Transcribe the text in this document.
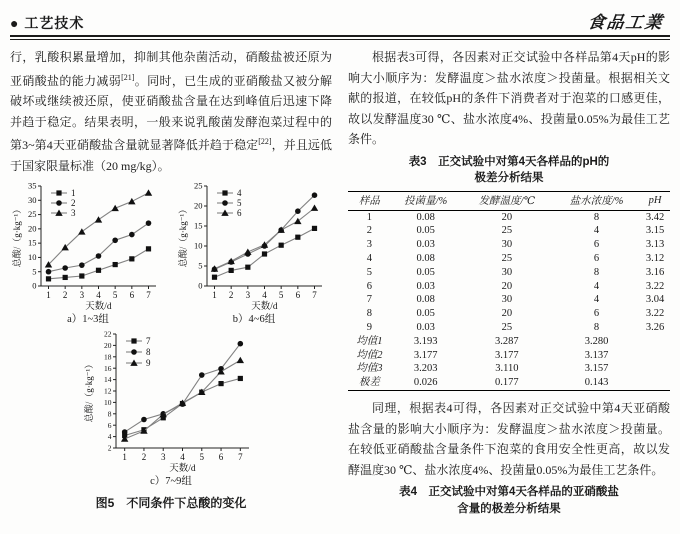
● 工艺技术	食品工業

行，乳酸积累量增加，抑制其他杂菌活动，硝酸盐被还原为亚硝酸盐的能力减弱[21]。同时，已生成的亚硝酸盐又被分解破坏或继续被还原，使亚硝酸盐含量在达到峰值后迅速下降并趋于稳定。结果表明，一般来说乳酸菌发酵泡菜过程中的第3~第4天亚硝酸盐含量就显著降低并趋于稳定[22]，并且远低于国家限量标准（20 mg/kg）。

0
5
10
15
20
25
30
35
1 2 3 4 5 6 7
天数/d
总酸/（g·kg⁻¹）
1
2
3
a）1~3组
0
5
10
15
20
25
1 2 3 4 5 6 7
天数/d
总酸/（g·kg⁻¹）
4
5
6
b）4~6组
2
4
6
8
10
12
14
16
18
20
22
1 2 3 4 5 6 7
天数/d
总酸/（g·kg⁻¹）
7
8
9
c）7~9组
图5　不同条件下总酸的变化

根据表3可得，各因素对正交试验中各样品第4天pH的影响大小顺序为：发酵温度＞盐水浓度＞投菌量。根据相关文献的报道，在较低pH的条件下消费者对于泡菜的口感更佳，故以发酵温度30 ℃、盐水浓度4%、投菌量0.05%为最佳工艺条件。

表3　正交试验中对第4天各样品的pH的
极差分析结果
样品	投菌量/%	发酵温度/℃	盐水浓度/%	pH
1	0.08	20	8	3.42
2	0.05	25	4	3.15
3	0.03	30	6	3.13
4	0.08	25	6	3.12
5	0.05	30	8	3.16
6	0.03	20	4	3.22
7	0.08	30	4	3.04
8	0.05	20	6	3.22
9	0.03	25	8	3.26
均值1	3.193	3.287	3.280	
均值2	3.177	3.177	3.137	
均值3	3.203	3.110	3.157	
极差	0.026	0.177	0.143	

同理，根据表4可得，各因素对正交试验中第4天亚硝酸盐含量的影响大小顺序为：发酵温度＞盐水浓度＞投菌量。在较低亚硝酸盐含量条件下泡菜的食用安全性更高，故以发酵温度30 ℃、盐水浓度4%、投菌量0.05%为最佳工艺条件。

表4　正交试验中对第4天各样品的亚硝酸盐
含量的极差分析结果
